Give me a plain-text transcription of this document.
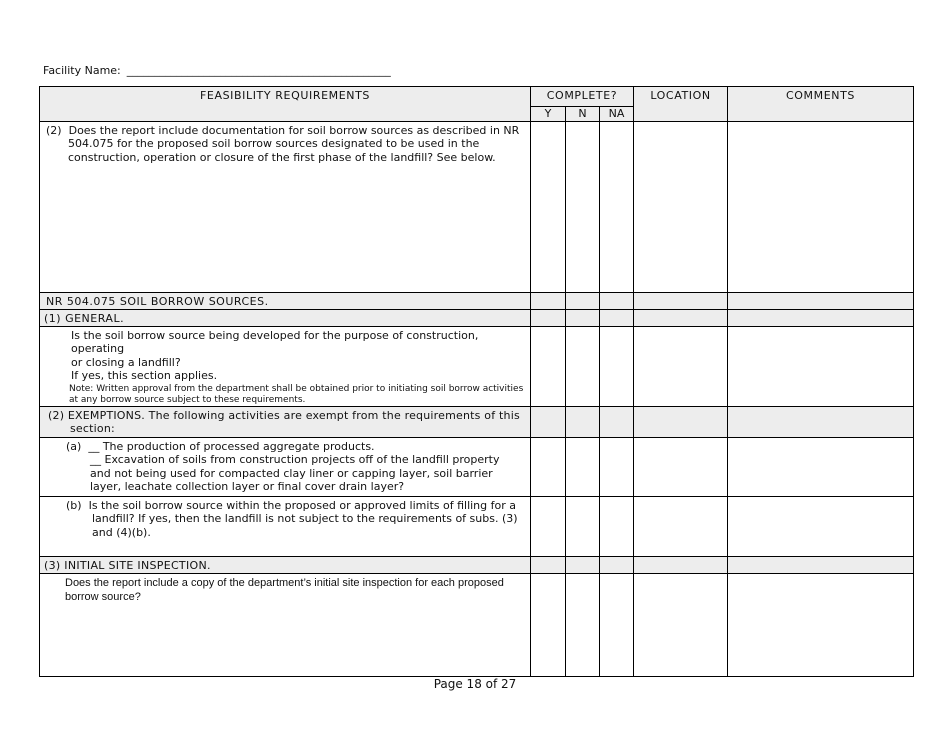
Facility Name: ________________________________________________
FEASIBILITY REQUIREMENTS	COMPLETE?			LOCATION	COMMENTS
	Y	N	NA		

(2) Does the report include documentation for soil borrow sources as described in NR 504.075 for the proposed soil borrow sources designated to be used in the construction, operation or closure of the first phase of the landfill? See below.					

NR 504.075 SOIL BORROW SOURCES.					
(1) GENERAL.					

Is the soil borrow source being developed for the purpose of construction, operating
or closing a landfill?
If yes, this section applies.
Note: Written approval from the department shall be obtained prior to initiating soil borrow activities at any borrow source subject to these requirements.					

(2) EXEMPTIONS. The following activities are exempt from the requirements of this section:					

(a) __ The production of processed aggregate products.
__ Excavation of soils from construction projects off of the landfill property and not being used for compacted clay liner or capping layer, soil barrier layer, leachate collection layer or final cover drain layer?					

(b) Is the soil borrow source within the proposed or approved limits of filling for a landfill? If yes, then the landfill is not subject to the requirements of subs. (3) and (4)(b).					

(3) INITIAL SITE INSPECTION.					

Does the report include a copy of the department’s initial site inspection for each proposed borrow source?					

Page 18 of 27
